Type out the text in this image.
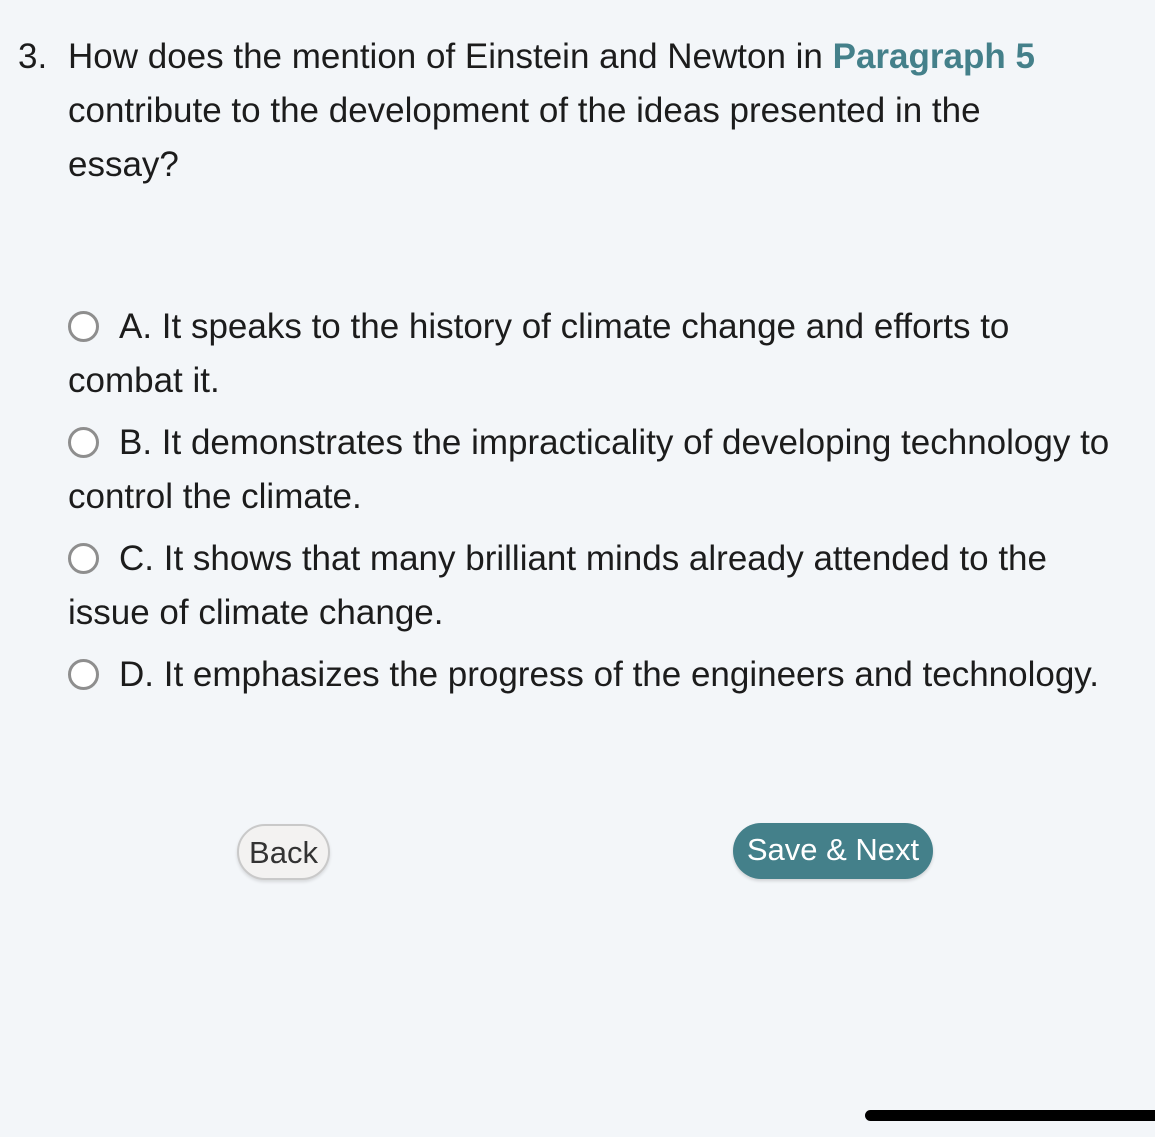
3. How does the mention of Einstein and Newton in Paragraph 5 contribute to the development of the ideas presented in the essay?
A. It speaks to the history of climate change and efforts to combat it.
B. It demonstrates the impracticality of developing technology to control the climate.
C. It shows that many brilliant minds already attended to the issue of climate change.
D. It emphasizes the progress of the engineers and technology.
Back	Save & Next
